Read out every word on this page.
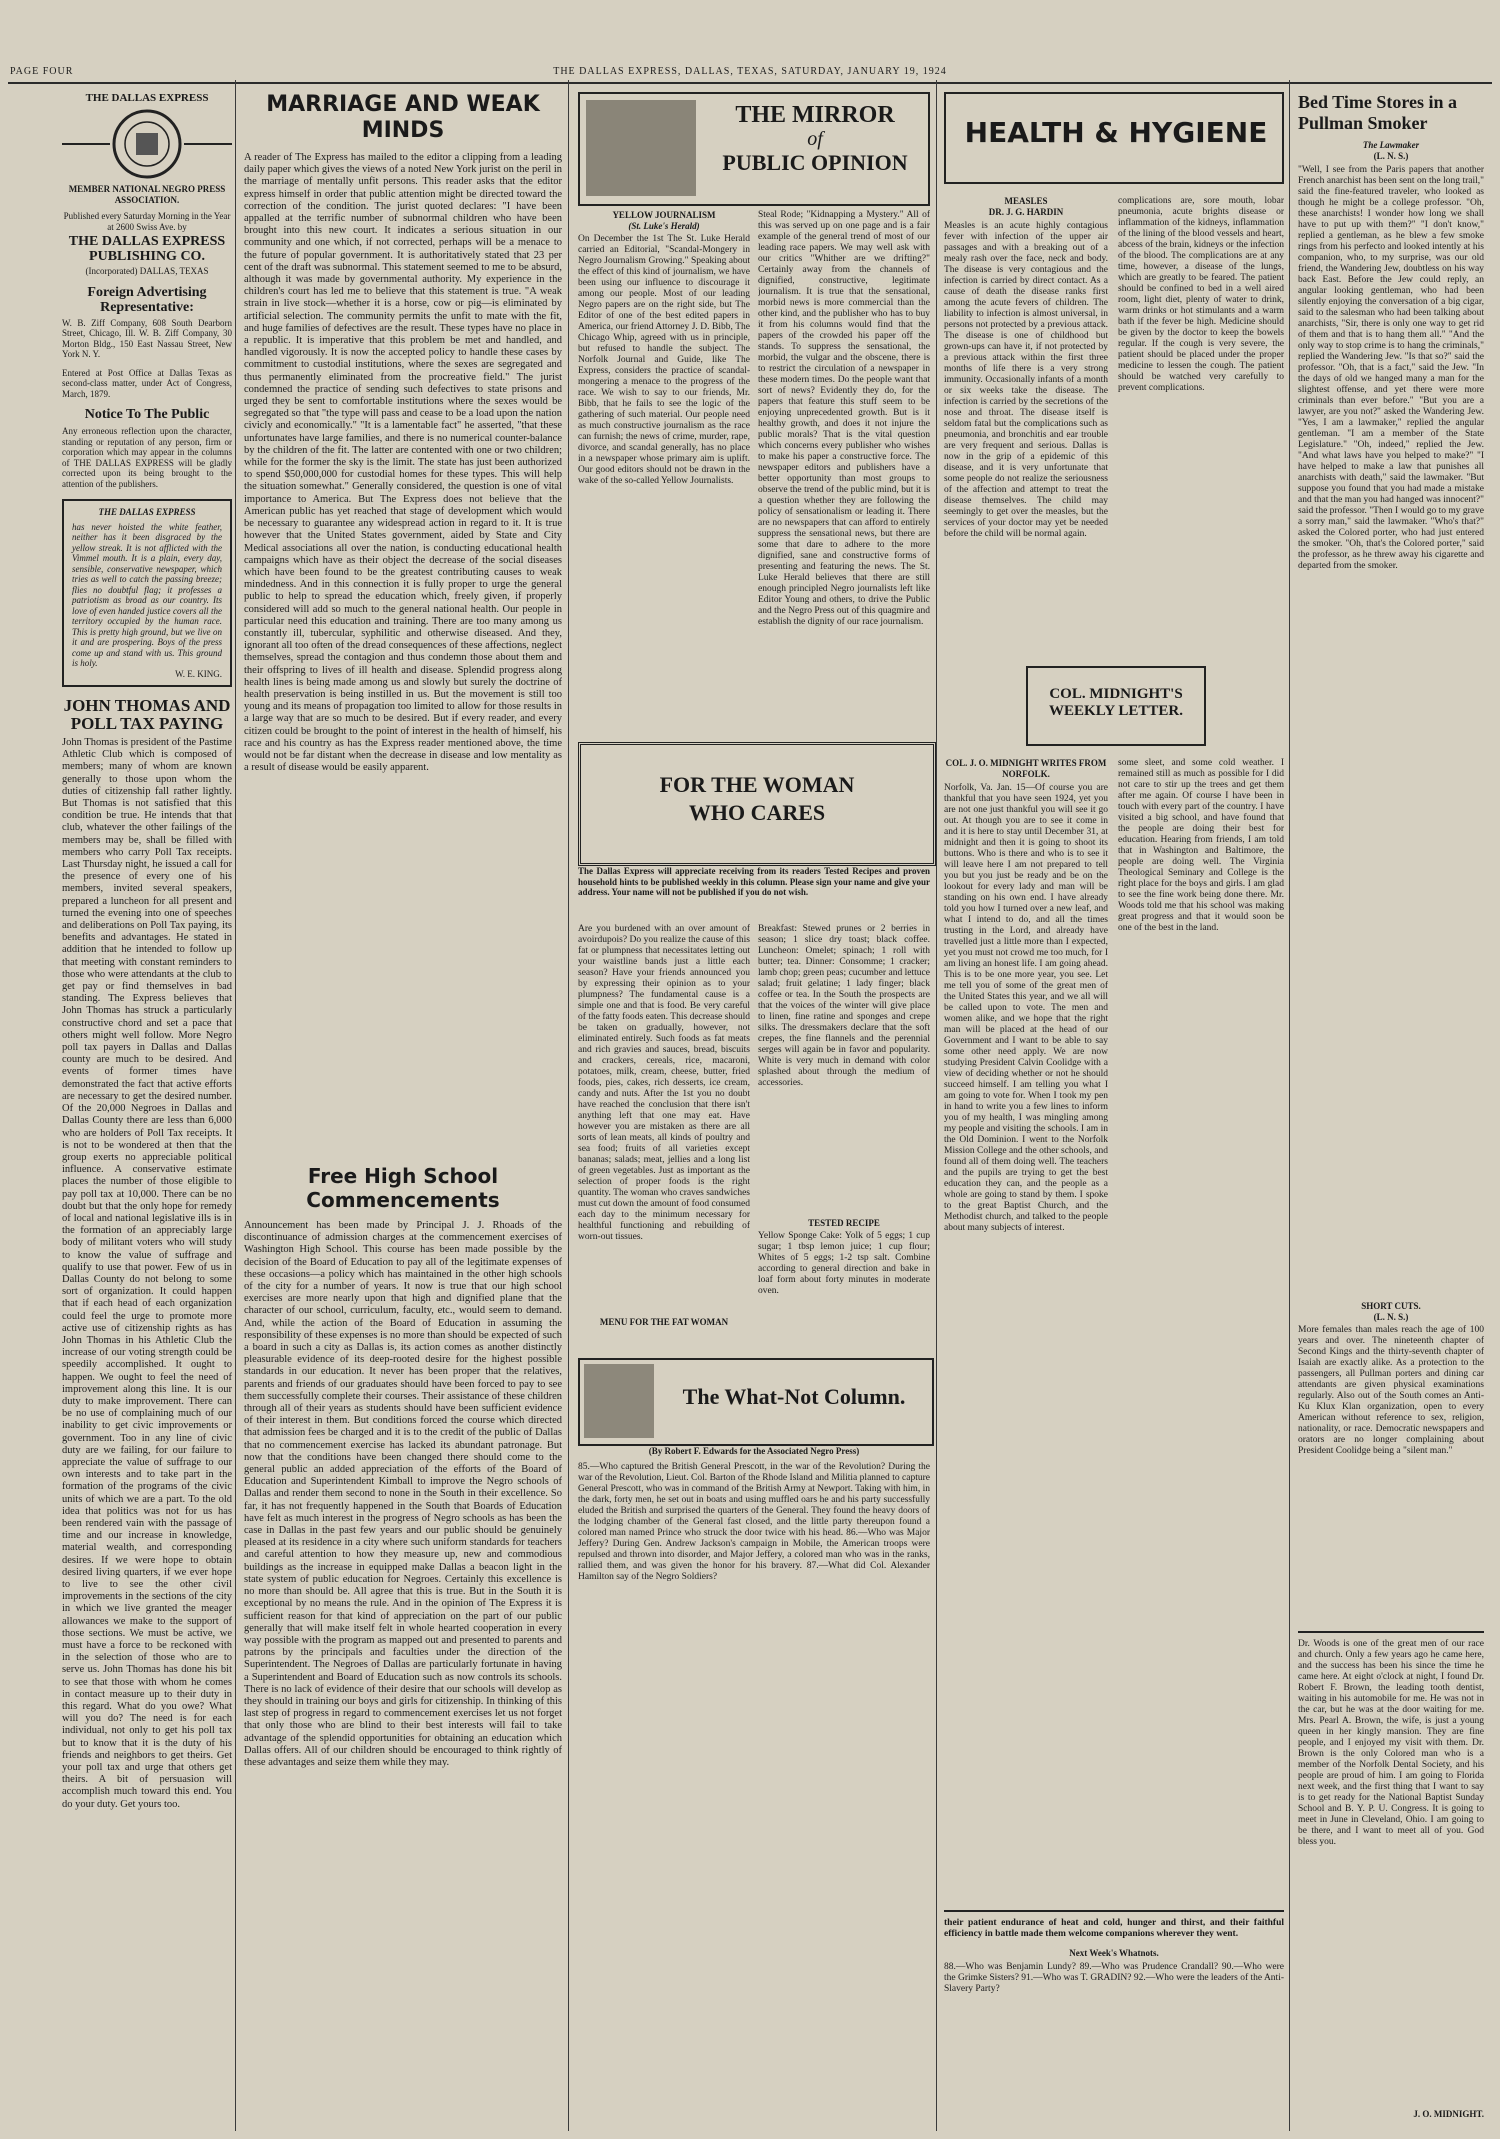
PAGE FOUR	THE DALLAS EXPRESS, DALLAS, TEXAS, SATURDAY, JANUARY 19, 1924
THE DALLAS EXPRESS
MEMBER NATIONAL NEGRO PRESS ASSOCIATION.
Published every Saturday Morning in the Year at 2600 Swiss Ave. by
THE DALLAS EXPRESS PUBLISHING CO.
(Incorporated) DALLAS, TEXAS
Foreign Advertising Representative:
W. B. Ziff Company, 608 South Dearborn Street, Chicago, Ill. W. B. Ziff Company, 30 Morton Bldg., 150 East Nassau Street, New York N. Y.
Entered at Post Office at Dallas Texas as second-class matter, under Act of Congress, March, 1879.
Notice To The Public
Any erroneous reflection upon the character, standing or reputation of any person, firm or corporation which may appear in the columns of THE DALLAS EXPRESS will be gladly corrected upon its being brought to the attention of the publishers.
THE DALLAS EXPRESS
has never hoisted the white feather, neither has it been disgraced by the yellow streak. It is not afflicted with the Vimmel mouth. It is a plain, every day, sensible, conservative newspaper, which tries as well to catch the passing breeze; flies no doubtful flag; it professes a patriotism as broad as our country. Its love of even handed justice covers all the territory occupied by the human race. This is pretty high ground, but we live on it and are prospering. Boys of the press come up and stand with us. This ground is holy.
W. E. KING.
JOHN THOMAS AND POLL TAX PAYING
John Thomas is president of the Pastime Athletic Club which is composed of members; many of whom are known generally to those upon whom the duties of citizenship fall rather lightly. But Thomas is not satisfied that this condition be true. He intends that that club, whatever the other failings of the members may be, shall be filled with members who carry Poll Tax receipts. Last Thursday night, he issued a call for the presence of every one of his members, invited several speakers, prepared a luncheon for all present and turned the evening into one of speeches and deliberations on Poll Tax paying, its benefits and advantages. He stated in addition that he intended to follow up that meeting with constant reminders to those who were attendants at the club to get pay or find themselves in bad standing. The Express believes that John Thomas has struck a particularly constructive chord and set a pace that others might well follow. More Negro poll tax payers in Dallas and Dallas county are much to be desired. And events of former times have demonstrated the fact that active efforts are necessary to get the desired number. Of the 20,000 Negroes in Dallas and Dallas County there are less than 6,000 who are holders of Poll Tax receipts. It is not to be wondered at then that the group exerts no appreciable political influence. A conservative estimate places the number of those eligible to pay poll tax at 10,000. There can be no doubt but that the only hope for remedy of local and national legislative ills is in the formation of an appreciably large body of militant voters who will study to know the value of suffrage and qualify to use that power. Few of us in Dallas County do not belong to some sort of organization. It could happen that if each head of each organization could feel the urge to promote more active use of citizenship rights as has John Thomas in his Athletic Club the increase of our voting strength could be speedily accomplished. It ought to happen. We ought to feel the need of improvement along this line. It is our duty to make improvement. There can be no use of complaining much of our inability to get civic improvements or government. Too in any line of civic duty are we failing, for our failure to appreciate the value of suffrage to our own interests and to take part in the formation of the programs of the civic units of which we are a part. To the old idea that politics was not for us has been rendered vain with the passage of time and our increase in knowledge, material wealth, and corresponding desires. If we were hope to obtain desired living quarters, if we ever hope to live to see the other civil improvements in the sections of the city in which we live granted the meager allowances we make to the support of those sections. We must be active, we must have a force to be reckoned with in the selection of those who are to serve us. John Thomas has done his bit to see that those with whom he comes in contact measure up to their duty in this regard. What do you owe? What will you do? The need is for each individual, not only to get his poll tax but to know that it is the duty of his friends and neighbors to get theirs. Get your poll tax and urge that others get theirs. A bit of persuasion will accomplish much toward this end. You do your duty. Get yours too.
MARRIAGE AND WEAK MINDS
A reader of The Express has mailed to the editor a clipping from a leading daily paper which gives the views of a noted New York jurist on the peril in the marriage of mentally unfit persons. This reader asks that the editor express himself in order that public attention might be directed toward the correction of the condition. The jurist quoted declares: "I have been appalled at the terrific number of subnormal children who have been brought into this new court. It indicates a serious situation in our community and one which, if not corrected, perhaps will be a menace to the future of popular government. It is authoritatively stated that 23 per cent of the draft was subnormal. This statement seemed to me to be absurd, although it was made by governmental authority. My experience in the children's court has led me to believe that this statement is true. "A weak strain in live stock—whether it is a horse, cow or pig—is eliminated by artificial selection. The community permits the unfit to mate with the fit, and huge families of defectives are the result. These types have no place in a republic. It is imperative that this problem be met and handled, and handled vigorously. It is now the accepted policy to handle these cases by commitment to custodial institutions, where the sexes are segregated and thus permanently eliminated from the procreative field." The jurist condemned the practice of sending such defectives to state prisons and urged they be sent to comfortable institutions where the sexes would be segregated so that "the type will pass and cease to be a load upon the nation civicly and economically." "It is a lamentable fact" he asserted, "that these unfortunates have large families, and there is no numerical counter-balance by the children of the fit. The latter are contented with one or two children; while for the former the sky is the limit. The state has just been authorized to spend $50,000,000 for custodial homes for these types. This will help the situation somewhat." Generally considered, the question is one of vital importance to America. But The Express does not believe that the American public has yet reached that stage of development which would be necessary to guarantee any widespread action in regard to it. It is true however that the United States government, aided by State and City Medical associations all over the nation, is conducting educational health campaigns which have as their object the decrease of the social diseases which have been found to be the greatest contributing causes to weak mindedness. And in this connection it is fully proper to urge the general public to help to spread the education which, freely given, if properly considered will add so much to the general national health. Our people in particular need this education and training. There are too many among us constantly ill, tubercular, syphilitic and otherwise diseased. And they, ignorant all too often of the dread consequences of these affections, neglect themselves, spread the contagion and thus condemn those about them and their offspring to lives of ill health and disease. Splendid progress along health lines is being made among us and slowly but surely the doctrine of health preservation is being instilled in us. But the movement is still too young and its means of propagation too limited to allow for those results in a large way that are so much to be desired. But if every reader, and every citizen could be brought to the point of interest in the health of himself, his race and his country as has the Express reader mentioned above, the time would not be far distant when the decrease in disease and low mentality as a result of disease would be easily apparent.
Free High School Commencements
Announcement has been made by Principal J. J. Rhoads of the discontinuance of admission charges at the commencement exercises of Washington High School. This course has been made possible by the decision of the Board of Education to pay all of the legitimate expenses of these occasions—a policy which has maintained in the other high schools of the city for a number of years. It now is true that our high school exercises are more nearly upon that high and dignified plane that the character of our school, curriculum, faculty, etc., would seem to demand. And, while the action of the Board of Education in assuming the responsibility of these expenses is no more than should be expected of such a board in such a city as Dallas is, its action comes as another distinctly pleasurable evidence of its deep-rooted desire for the highest possible standards in our education. It never has been proper that the relatives, parents and friends of our graduates should have been forced to pay to see them successfully complete their courses. Their assistance of these children through all of their years as students should have been sufficient evidence of their interest in them. But conditions forced the course which directed that admission fees be charged and it is to the credit of the public of Dallas that no commencement exercise has lacked its abundant patronage. But now that the conditions have been changed there should come to the general public an added appreciation of the efforts of the Board of Education and Superintendent Kimball to improve the Negro schools of Dallas and render them second to none in the South in their excellence. So far, it has not frequently happened in the South that Boards of Education have felt as much interest in the progress of Negro schools as has been the case in Dallas in the past few years and our public should be genuinely pleased at its residence in a city where such uniform standards for teachers and careful attention to how they measure up, new and commodious buildings as the increase in equipped make Dallas a beacon light in the state system of public education for Negroes. Certainly this excellence is no more than should be. All agree that this is true. But in the South it is exceptional by no means the rule. And in the opinion of The Express it is sufficient reason for that kind of appreciation on the part of our public generally that will make itself felt in whole hearted cooperation in every way possible with the program as mapped out and presented to parents and patrons by the principals and faculties under the direction of the Superintendent. The Negroes of Dallas are particularly fortunate in having a Superintendent and Board of Education such as now controls its schools. There is no lack of evidence of their desire that our schools will develop as they should in training our boys and girls for citizenship. In thinking of this last step of progress in regard to commencement exercises let us not forget that only those who are blind to their best interests will fail to take advantage of the splendid opportunities for obtaining an education which Dallas offers. All of our children should be encouraged to think rightly of these advantages and seize them while they may.
THE MIRROR
of
PUBLIC OPINION
YELLOW JOURNALISM
(St. Luke's Herald)
On December the 1st The St. Luke Herald carried an Editorial, "Scandal-Mongery in Negro Journalism Growing." Speaking about the effect of this kind of journalism, we have been using our influence to discourage it among our people. Most of our leading Negro papers are on the right side, but The Editor of one of the best edited papers in America, our friend Attorney J. D. Bibb, The Chicago Whip, agreed with us in principle, but refused to handle the subject. The Norfolk Journal and Guide, like The Express, considers the practice of scandal-mongering a menace to the progress of the race. We wish to say to our friends, Mr. Bibb, that he fails to see the logic of the gathering of such material. Our people need as much constructive journalism as the race can furnish; the news of crime, murder, rape, divorce, and scandal generally, has no place in a newspaper whose primary aim is uplift. Our good editors should not be drawn in the wake of the so-called Yellow Journalists.
Steal Rode; "Kidnapping a Mystery." All of this was served up on one page and is a fair example of the general trend of most of our leading race papers. We may well ask with our critics "Whither are we drifting?" Certainly away from the channels of dignified, constructive, legitimate journalism. It is true that the sensational, morbid news is more commercial than the other kind, and the publisher who has to buy it from his columns would find that the papers of the crowded his paper off the stands. To suppress the sensational, the morbid, the vulgar and the obscene, there is to restrict the circulation of a newspaper in these modern times. Do the people want that sort of news? Evidently they do, for the papers that feature this stuff seem to be enjoying unprecedented growth. But is it healthy growth, and does it not injure the public morals? That is the vital question which concerns every publisher who wishes to make his paper a constructive force. The newspaper editors and publishers have a better opportunity than most groups to observe the trend of the public mind, but it is a question whether they are following the policy of sensationalism or leading it. There are no newspapers that can afford to entirely suppress the sensational news, but there are some that dare to adhere to the more dignified, sane and constructive forms of presenting and featuring the news. The St. Luke Herald believes that there are still enough principled Negro journalists left like Editor Young and others, to drive the Public and the Negro Press out of this quagmire and establish the dignity of our race journalism.
FOR THE WOMAN
WHO CARES
The Dallas Express will appreciate receiving from its readers Tested Recipes and proven household hints to be published weekly in this column. Please sign your name and give your address. Your name will not be published if you do not wish.
Are you burdened with an over amount of avoirdupois? Do you realize the cause of this fat or plumpness that necessitates letting out your waistline bands just a little each season? Have your friends announced you by expressing their opinion as to your plumpness? The fundamental cause is a simple one and that is food. Be very careful of the fatty foods eaten. This decrease should be taken on gradually, however, not eliminated entirely. Such foods as fat meats and rich gravies and sauces, bread, biscuits and crackers, cereals, rice, macaroni, potatoes, milk, cream, cheese, butter, fried foods, pies, cakes, rich desserts, ice cream, candy and nuts. After the 1st you no doubt have reached the conclusion that there isn't anything left that one may eat. Have however you are mistaken as there are all sorts of lean meats, all kinds of poultry and sea food; fruits of all varieties except bananas; salads; meat, jellies and a long list of green vegetables. Just as important as the selection of proper foods is the right quantity. The woman who craves sandwiches must cut down the amount of food consumed each day to the minimum necessary for healthful functioning and rebuilding of worn-out tissues.
MENU FOR THE FAT WOMAN
Breakfast: Stewed prunes or 2 berries in season; 1 slice dry toast; black coffee. Luncheon: Omelet; spinach; 1 roll with butter; tea. Dinner: Consomme; 1 cracker; lamb chop; green peas; cucumber and lettuce salad; fruit gelatine; 1 lady finger; black coffee or tea. In the South the prospects are that the voices of the winter will give place to linen, fine ratine and sponges and crepe silks. The dressmakers declare that the soft crepes, the fine flannels and the perennial serges will again be in favor and popularity. White is very much in demand with color splashed about through the medium of accessories.
TESTED RECIPE
Yellow Sponge Cake: Yolk of 5 eggs; 1 cup sugar; 1 tbsp lemon juice; 1 cup flour; Whites of 5 eggs; 1-2 tsp salt. Combine according to general direction and bake in loaf form about forty minutes in moderate oven.
The What-Not Column.
(By Robert F. Edwards for the Associated Negro Press)
85.—Who captured the British General Prescott, in the war of the Revolution? During the war of the Revolution, Lieut. Col. Barton of the Rhode Island and Militia planned to capture General Prescott, who was in command of the British Army at Newport. Taking with him, in the dark, forty men, he set out in boats and using muffled oars he and his party successfully eluded the British and surprised the quarters of the General. They found the heavy doors of the lodging chamber of the General fast closed, and the little party thereupon found a colored man named Prince who struck the door twice with his head. 86.—Who was Major Jeffery? During Gen. Andrew Jackson's campaign in Mobile, the American troops were repulsed and thrown into disorder, and Major Jeffery, a colored man who was in the ranks, rallied them, and was given the honor for his bravery. 87.—What did Col. Alexander Hamilton say of the Negro Soldiers?
HEALTH & HYGIENE
MEASLES
DR. J. G. HARDIN
Measles is an acute highly contagious fever with infection of the upper air passages and with a breaking out of a mealy rash over the face, neck and body. The disease is very contagious and the infection is carried by direct contact. As a cause of death the disease ranks first among the acute fevers of children. The liability to infection is almost universal, in persons not protected by a previous attack. The disease is one of childhood but grown-ups can have it, if not protected by a previous attack within the first three months of life there is a very strong immunity. Occasionally infants of a month or six weeks take the disease. The infection is carried by the secretions of the nose and throat. The disease itself is seldom fatal but the complications such as pneumonia, and bronchitis and ear trouble are very frequent and serious. Dallas is now in the grip of a epidemic of this disease, and it is very unfortunate that some people do not realize the seriousness of the affection and attempt to treat the disease themselves. The child may seemingly to get over the measles, but the services of your doctor may yet be needed before the child will be normal again.
complications are, sore mouth, lobar pneumonia, acute brights disease or inflammation of the kidneys, inflammation of the lining of the blood vessels and heart, abcess of the brain, kidneys or the infection of the blood. The complications are at any time, however, a disease of the lungs, which are greatly to be feared. The patient should be confined to bed in a well aired room, light diet, plenty of water to drink, warm drinks or hot stimulants and a warm bath if the fever be high. Medicine should be given by the doctor to keep the bowels regular. If the cough is very severe, the patient should be placed under the proper medicine to lessen the cough. The patient should be watched very carefully to prevent complications.
COL. MIDNIGHT'S
WEEKLY LETTER.
COL. J. O. MIDNIGHT WRITES FROM NORFOLK.
Norfolk, Va. Jan. 15—Of course you are thankful that you have seen 1924, yet you are not one just thankful you will see it go out. At though you are to see it come in and it is here to stay until December 31, at midnight and then it is going to shoot its buttons. Who is there and who is to see it will leave here I am not prepared to tell you but you just be ready and be on the lookout for every lady and man will be standing on his own end. I have already told you how I turned over a new leaf, and what I intend to do, and all the times trusting in the Lord, and already have travelled just a little more than I expected, yet you must not crowd me too much, for I am living an honest life. I am going ahead. This is to be one more year, you see. Let me tell you of some of the great men of the United States this year, and we all will be called upon to vote. The men and women alike, and we hope that the right man will be placed at the head of our Government and I want to be able to say some other need apply. We are now studying President Calvin Coolidge with a view of deciding whether or not he should succeed himself. I am telling you what I am going to vote for. When I took my pen in hand to write you a few lines to inform you of my health, I was mingling among my people and visiting the schools. I am in the Old Dominion. I went to the Norfolk Mission College and the other schools, and found all of them doing well. The teachers and the pupils are trying to get the best education they can, and the people as a whole are going to stand by them. I spoke to the great Baptist Church, and the Methodist church, and talked to the people about many subjects of interest.
some sleet, and some cold weather. I remained still as much as possible for I did not care to stir up the trees and get them after me again. Of course I have been in touch with every part of the country. I have visited a big school, and have found that the people are doing their best for education. Hearing from friends, I am told that in Washington and Baltimore, the people are doing well. The Virginia Theological Seminary and College is the right place for the boys and girls. I am glad to see the fine work being done there. Mr. Woods told me that his school was making great progress and that it would soon be one of the best in the land.
their patient endurance of heat and cold, hunger and thirst, and their faithful efficiency in battle made them welcome companions wherever they went.
Next Week's Whatnots.
88.—Who was Benjamin Lundy? 89.—Who was Prudence Crandall? 90.—Who were the Grimke Sisters? 91.—Who was T. GRADIN? 92.—Who were the leaders of the Anti-Slavery Party?
Bed Time Stores in a Pullman Smoker
The Lawmaker
(L. N. S.)
"Well, I see from the Paris papers that another French anarchist has been sent on the long trail," said the fine-featured traveler, who looked as though he might be a college professor. "Oh, these anarchists! I wonder how long we shall have to put up with them?" "I don't know," replied a gentleman, as he blew a few smoke rings from his perfecto and looked intently at his companion, who, to my surprise, was our old friend, the Wandering Jew, doubtless on his way back East. Before the Jew could reply, an angular looking gentleman, who had been silently enjoying the conversation of a big cigar, said to the salesman who had been talking about anarchists, "Sir, there is only one way to get rid of them and that is to hang them all." "And the only way to stop crime is to hang the criminals," replied the Wandering Jew. "Is that so?" said the professor. "Oh, that is a fact," said the Jew. "In the days of old we hanged many a man for the slightest offense, and yet there were more criminals than ever before." "But you are a lawyer, are you not?" asked the Wandering Jew. "Yes, I am a lawmaker," replied the angular gentleman. "I am a member of the State Legislature." "Oh, indeed," replied the Jew. "And what laws have you helped to make?" "I have helped to make a law that punishes all anarchists with death," said the lawmaker. "But suppose you found that you had made a mistake and that the man you had hanged was innocent?" said the professor. "Then I would go to my grave a sorry man," said the lawmaker. "Who's that?" asked the Colored porter, who had just entered the smoker. "Oh, that's the Colored porter," said the professor, as he threw away his cigarette and departed from the smoker.
SHORT CUTS.
(L. N. S.)
More females than males reach the age of 100 years and over. The nineteenth chapter of Second Kings and the thirty-seventh chapter of Isaiah are exactly alike. As a protection to the passengers, all Pullman porters and dining car attendants are given physical examinations regularly. Also out of the South comes an Anti-Ku Klux Klan organization, open to every American without reference to sex, religion, nationality, or race. Democratic newspapers and orators are no longer complaining about President Coolidge being a "silent man."
Dr. Woods is one of the great men of our race and church. Only a few years ago he came here, and the success has been his since the time he came here. At eight o'clock at night, I found Dr. Robert F. Brown, the leading tooth dentist, waiting in his automobile for me. He was not in the car, but he was at the door waiting for me. Mrs. Pearl A. Brown, the wife, is just a young queen in her kingly mansion. They are fine people, and I enjoyed my visit with them. Dr. Brown is the only Colored man who is a member of the Norfolk Dental Society, and his people are proud of him. I am going to Florida next week, and the first thing that I want to say is to get ready for the National Baptist Sunday School and B. Y. P. U. Congress. It is going to meet in June in Cleveland, Ohio. I am going to be there, and I want to meet all of you. God bless you.
J. O. MIDNIGHT.
